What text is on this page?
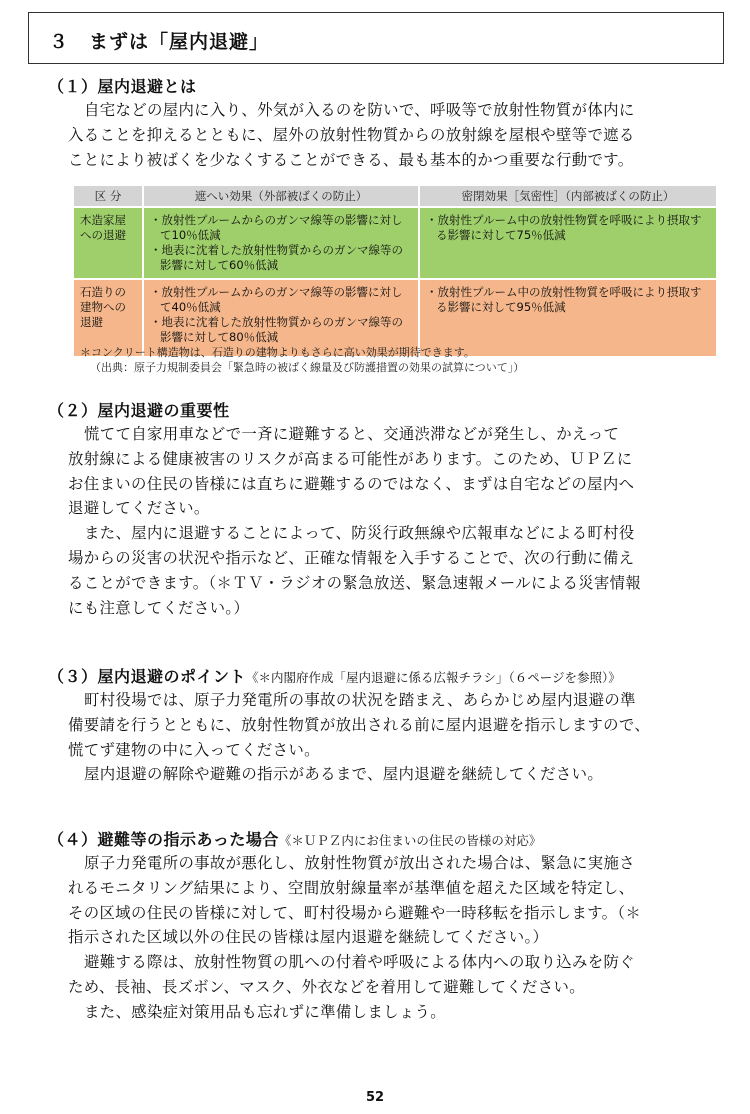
３　まずは「屋内退避」
（１）屋内退避とは
自宅などの屋内に入り、外気が入るのを防いで、呼吸等で放射性物質が体内に
入ることを抑えるとともに、屋外の放射性物質からの放射線を屋根や壁等で遮る
ことにより被ばくを少なくすることができる、最も基本的かつ重要な行動です。
区 分	遮へい効果（外部被ばくの防止）	密閉効果［気密性］（内部被ばくの防止）

木造家屋
への退避	・放射性プルームからのガンマ線等の影響に対して10％低減
・地表に沈着した放射性物質からのガンマ線等の影響に対して60％低減	・放射性プルーム中の放射性物質を呼吸により摂取する影響に対して75％低減

石造りの
建物への
退避	・放射性プルームからのガンマ線等の影響に対して40％低減
・地表に沈着した放射性物質からのガンマ線等の影響に対して80％低減	・放射性プルーム中の放射性物質を呼吸により摂取する影響に対して95％低減
＊コンクリート構造物は、石造りの建物よりもさらに高い効果が期待できます。
（出典：原子力規制委員会「緊急時の被ばく線量及び防護措置の効果の試算について」）
（２）屋内退避の重要性
慌てて自家用車などで一斉に避難すると、交通渋滞などが発生し、かえって
放射線による健康被害のリスクが高まる可能性があります。このため、ＵＰＺに
お住まいの住民の皆様には直ちに避難するのではなく、まずは自宅などの屋内へ
退避してください。
また、屋内に退避することによって、防災行政無線や広報車などによる町村役
場からの災害の状況や指示など、正確な情報を入手することで、次の行動に備え
ることができます。（＊ＴＶ・ラジオの緊急放送、緊急速報メールによる災害情報
にも注意してください。）
（３）屋内退避のポイント《＊内閣府作成「屋内退避に係る広報チラシ」（６ページを参照）》
町村役場では、原子力発電所の事故の状況を踏まえ、あらかじめ屋内退避の準
備要請を行うとともに、放射性物質が放出される前に屋内退避を指示しますので、
慌てず建物の中に入ってください。
屋内退避の解除や避難の指示があるまで、屋内退避を継続してください。
（４）避難等の指示あった場合《＊ＵＰＺ内にお住まいの住民の皆様の対応》
原子力発電所の事故が悪化し、放射性物質が放出された場合は、緊急に実施さ
れるモニタリング結果により、空間放射線量率が基準値を超えた区域を特定し、
その区域の住民の皆様に対して、町村役場から避難や一時移転を指示します。（＊
指示された区域以外の住民の皆様は屋内退避を継続してください。）
避難する際は、放射性物質の肌への付着や呼吸による体内への取り込みを防ぐ
ため、長袖、長ズボン、マスク、外衣などを着用して避難してください。
また、感染症対策用品も忘れずに準備しましょう。
52
